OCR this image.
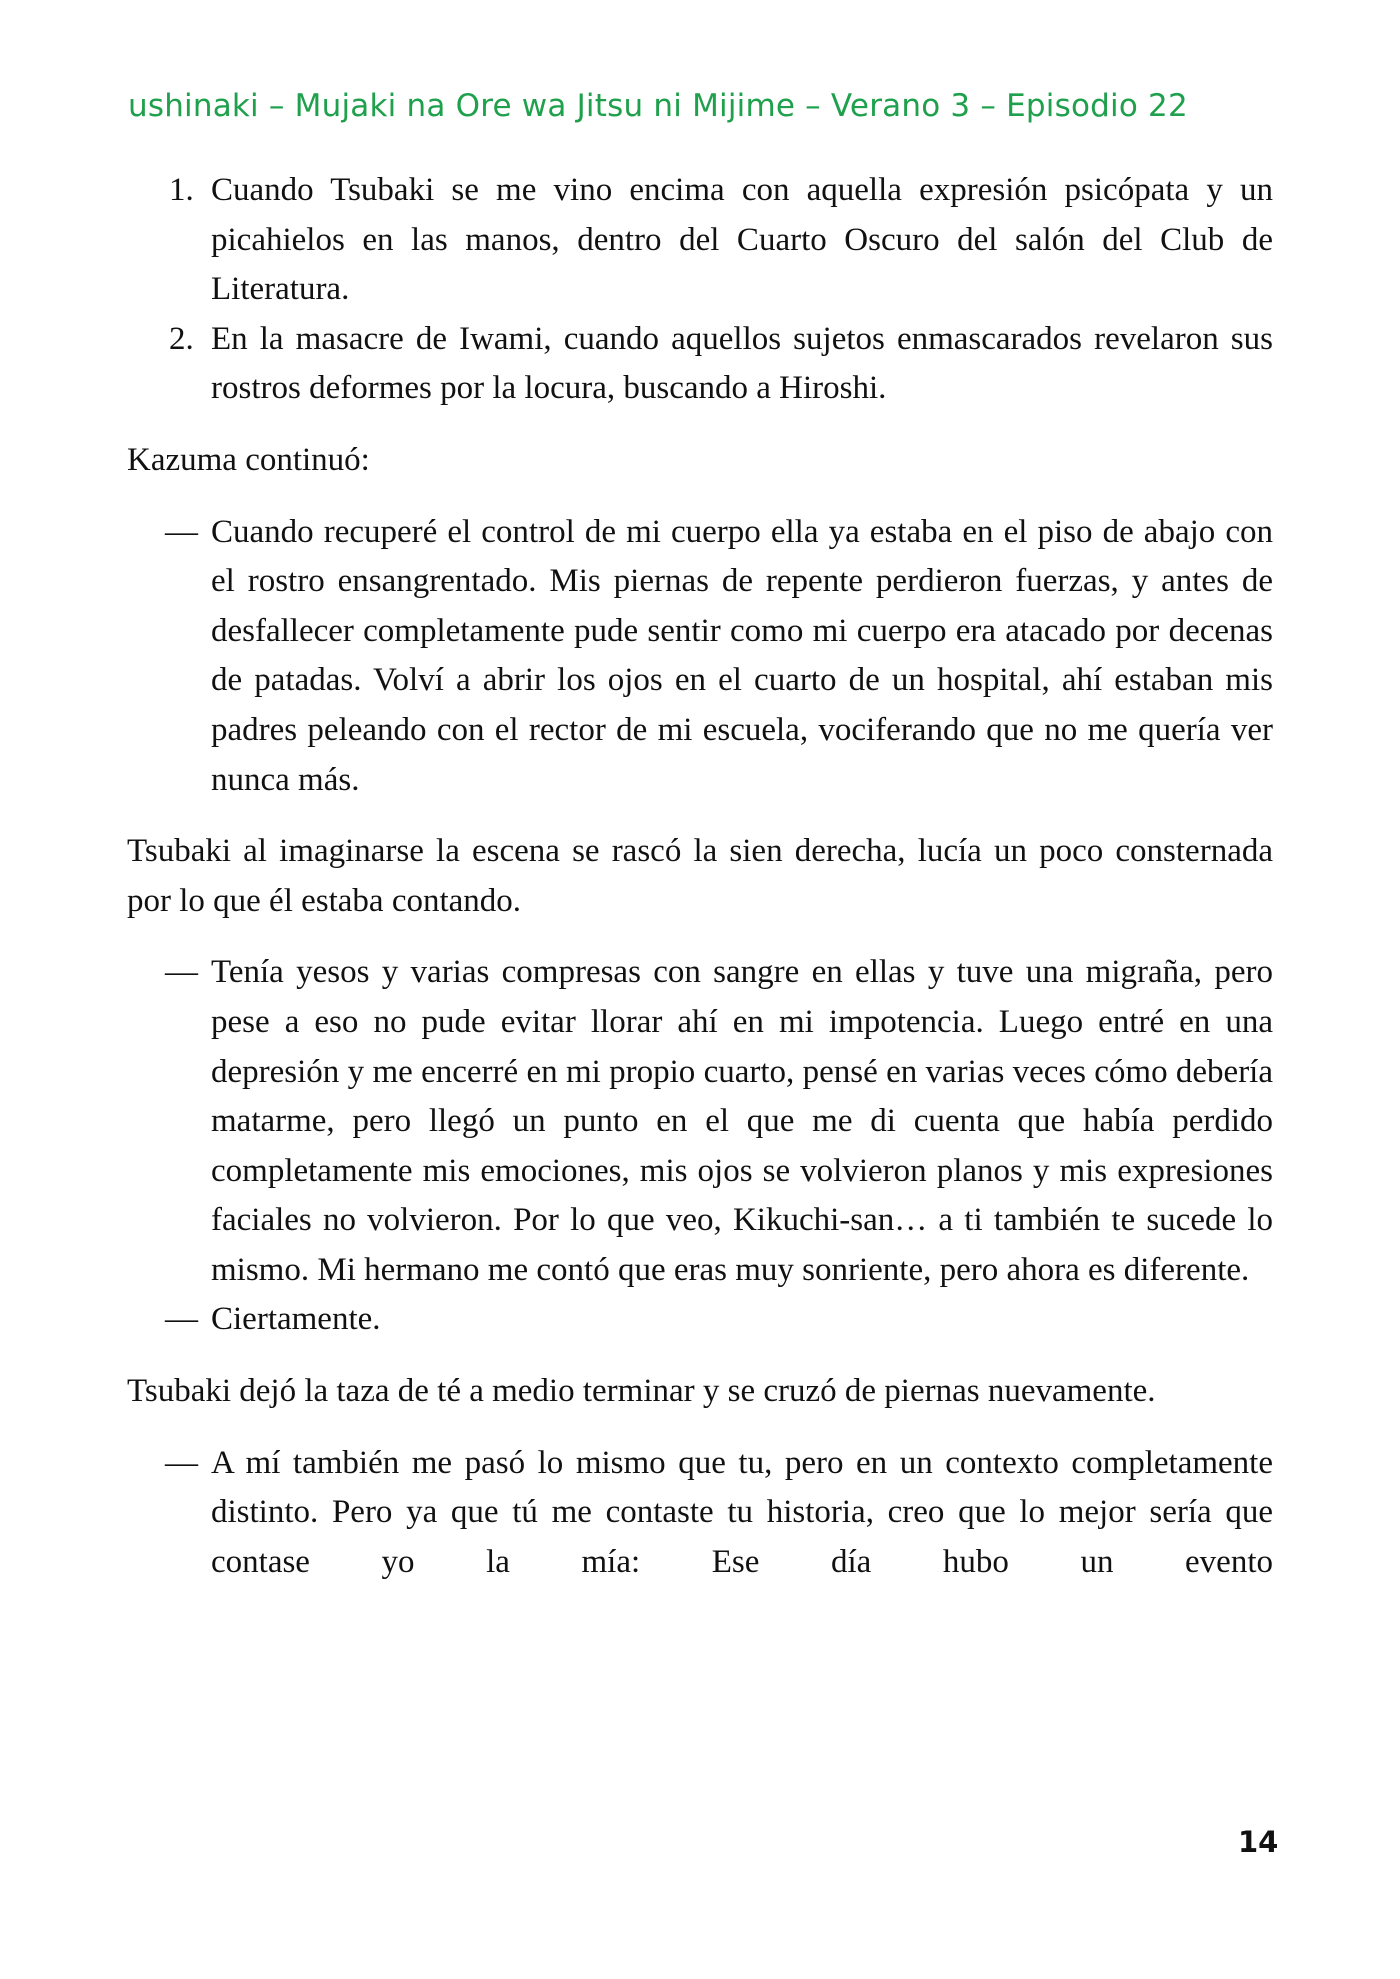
ushinaki – Mujaki na Ore wa Jitsu ni Mijime – Verano 3 – Episodio 22
1. Cuando Tsubaki se me vino encima con aquella expresión psicópata y un picahielos en las manos, dentro del Cuarto Oscuro del salón del Club de Literatura.
2. En la masacre de Iwami, cuando aquellos sujetos enmascarados revelaron sus rostros deformes por la locura, buscando a Hiroshi.
Kazuma continuó:
— Cuando recuperé el control de mi cuerpo ella ya estaba en el piso de abajo con el rostro ensangrentado. Mis piernas de repente perdieron fuerzas, y antes de desfallecer completamente pude sentir como mi cuerpo era atacado por decenas de patadas. Volví a abrir los ojos en el cuarto de un hospital, ahí estaban mis padres peleando con el rector de mi escuela, vociferando que no me quería ver nunca más.
Tsubaki al imaginarse la escena se rascó la sien derecha, lucía un poco consternada por lo que él estaba contando.
— Tenía yesos y varias compresas con sangre en ellas y tuve una migraña, pero pese a eso no pude evitar llorar ahí en mi impotencia. Luego entré en una depresión y me encerré en mi propio cuarto, pensé en varias veces cómo debería matarme, pero llegó un punto en el que me di cuenta que había perdido completamente mis emociones, mis ojos se volvieron planos y mis expresiones faciales no volvieron. Por lo que veo, Kikuchi-san… a ti también te sucede lo mismo. Mi hermano me contó que eras muy sonriente, pero ahora es diferente.
— Ciertamente.
Tsubaki dejó la taza de té a medio terminar y se cruzó de piernas nuevamente.
— A mí también me pasó lo mismo que tu, pero en un contexto completamente distinto. Pero ya que tú me contaste tu historia, creo que lo mejor sería que contase yo la mía: Ese día hubo un evento
14
